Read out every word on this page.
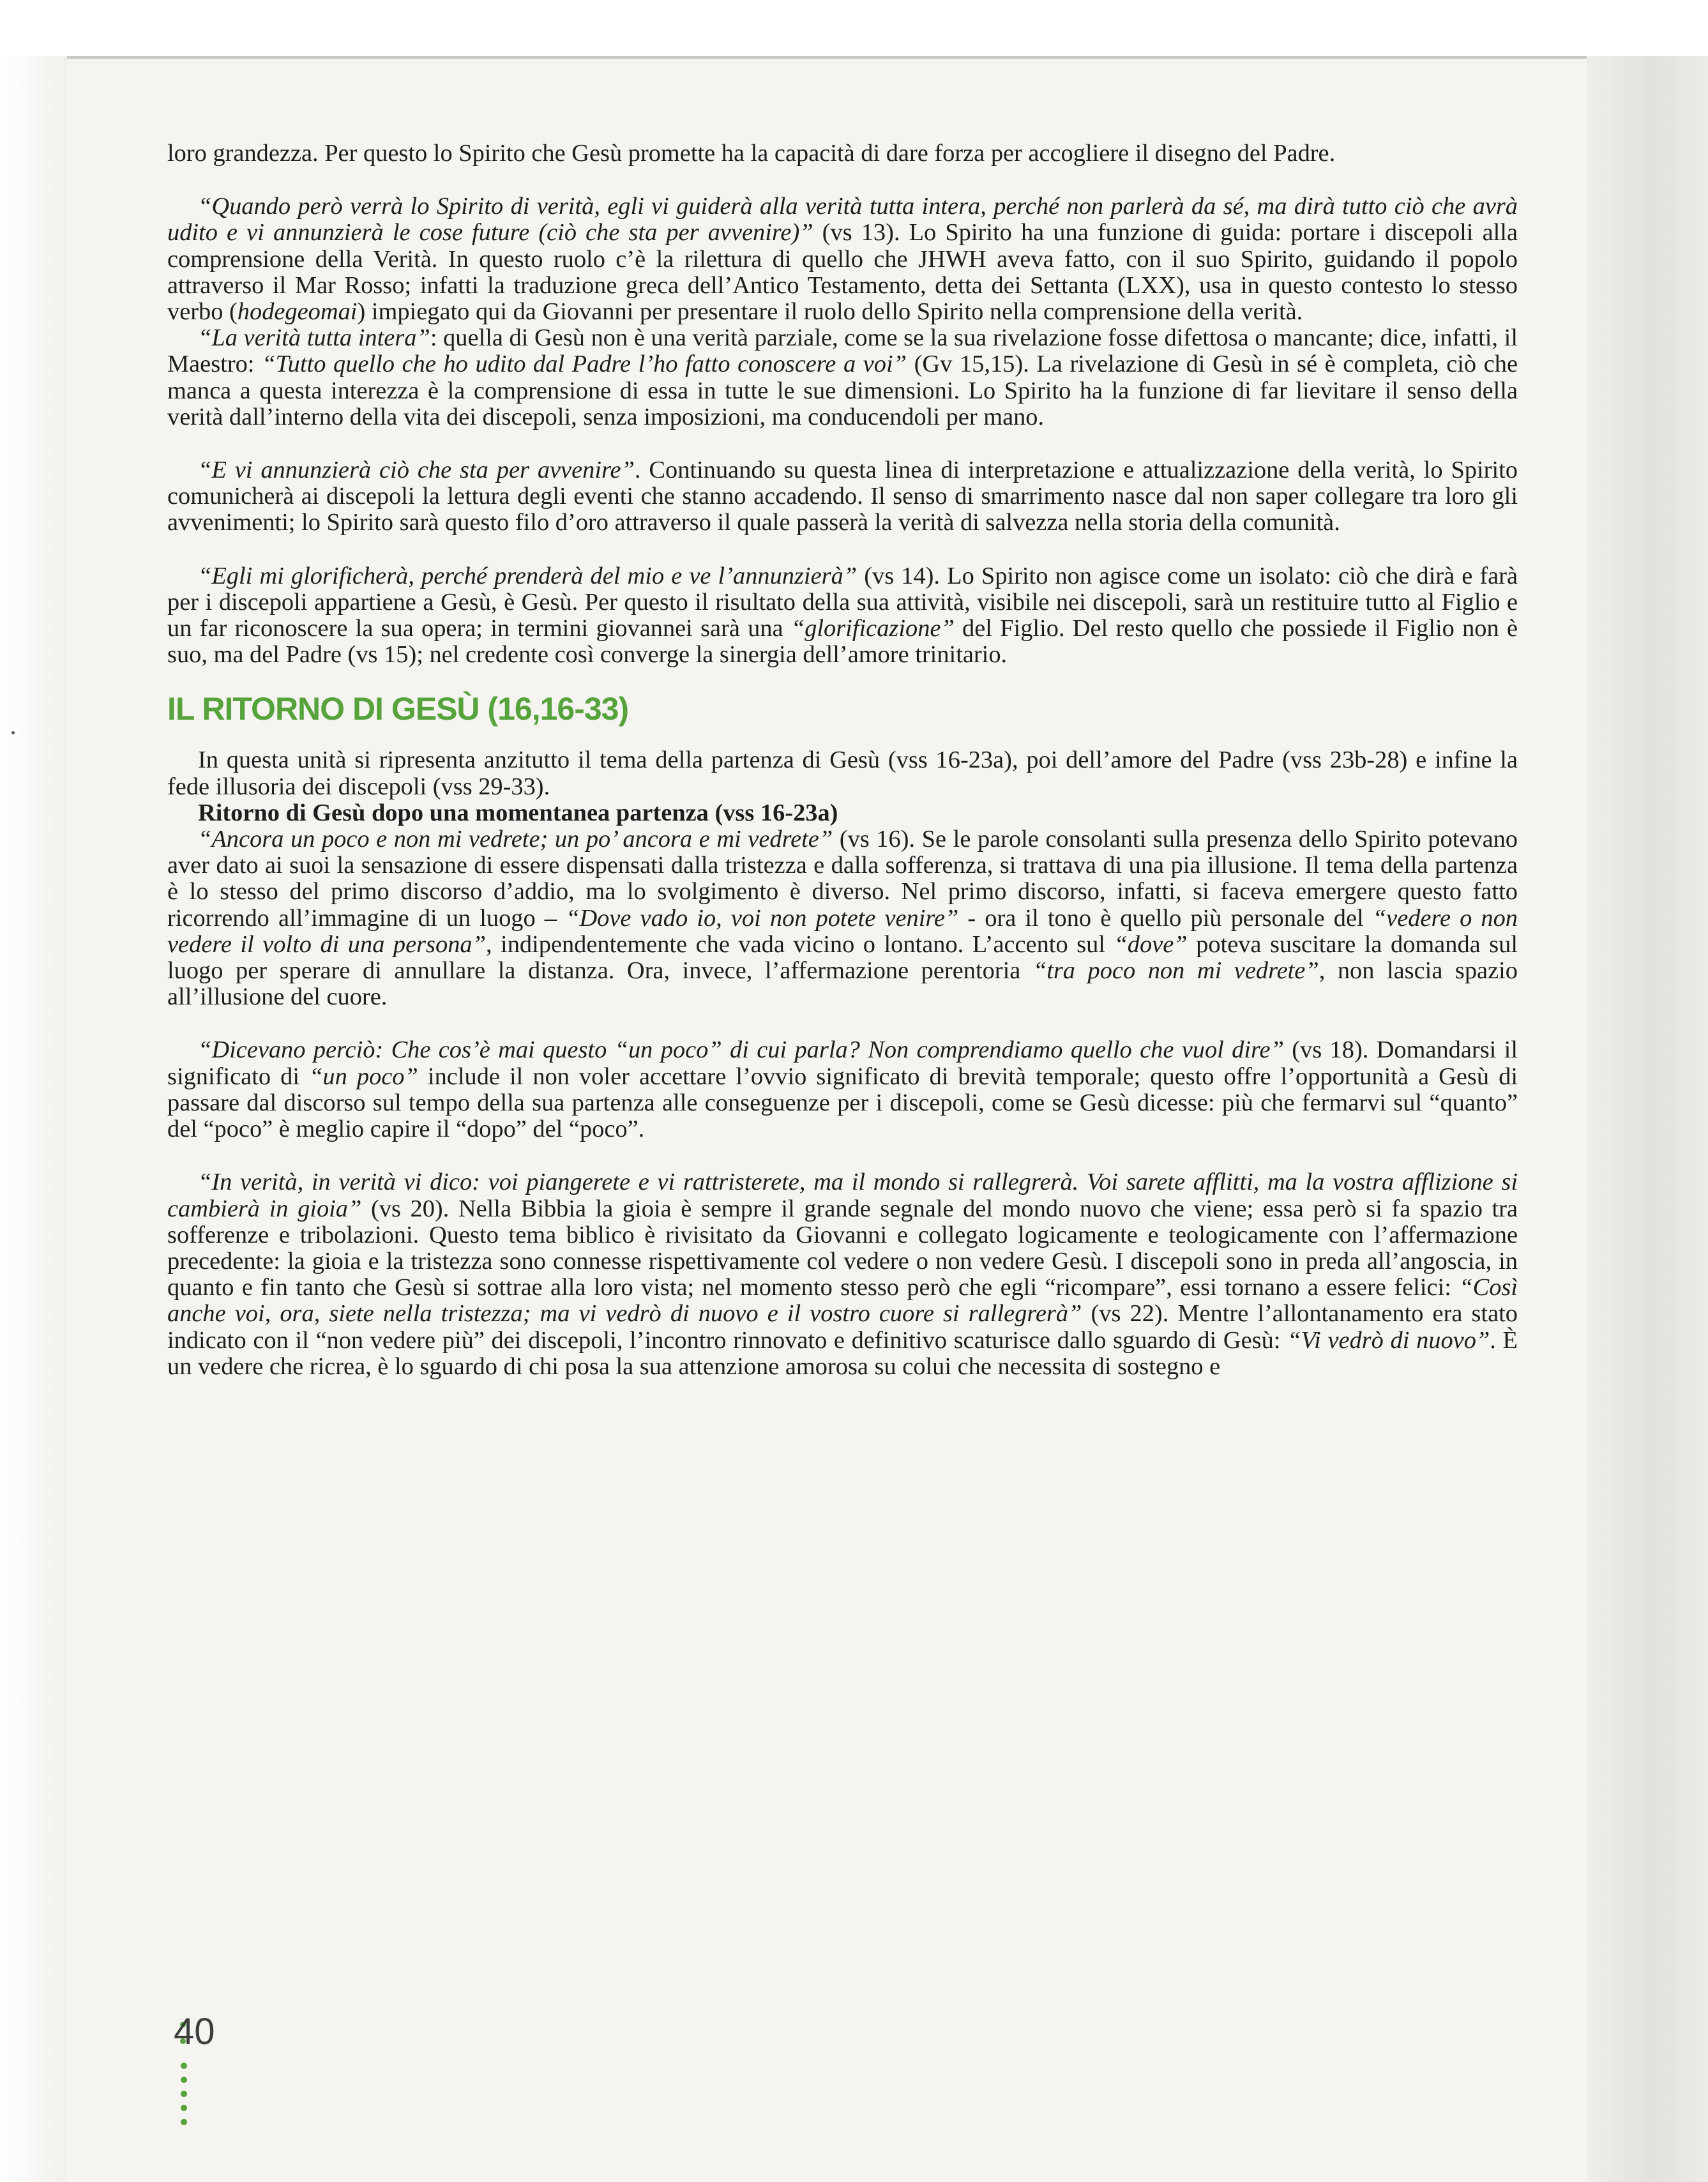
loro grandezza. Per questo lo Spirito che Gesù promette ha la capacità di dare forza per accogliere il disegno del Padre.

“Quando però verrà lo Spirito di verità, egli vi guiderà alla verità tutta intera, perché non parlerà da sé, ma dirà tutto ciò che avrà udito e vi annunzierà le cose future (ciò che sta per avvenire)” (vs 13). Lo Spirito ha una funzione di guida: portare i discepoli alla comprensione della Verità. In questo ruolo c’è la rilettura di quello che JHWH aveva fatto, con il suo Spirito, guidando il popolo attraverso il Mar Rosso; infatti la traduzione greca dell’Antico Testamento, detta dei Settanta (LXX), usa in questo contesto lo stesso verbo (hodegeomai) impiegato qui da Giovanni per presentare il ruolo dello Spirito nella comprensione della verità.

“La verità tutta intera”: quella di Gesù non è una verità parziale, come se la sua rivelazione fosse difettosa o mancante; dice, infatti, il Maestro: “Tutto quello che ho udito dal Padre l’ho fatto conoscere a voi” (Gv 15,15). La rivelazione di Gesù in sé è completa, ciò che manca a questa interezza è la comprensione di essa in tutte le sue dimensioni. Lo Spirito ha la funzione di far lievitare il senso della verità dall’interno della vita dei discepoli, senza imposizioni, ma conducendoli per mano.

“E vi annunzierà ciò che sta per avvenire”. Continuando su questa linea di interpretazione e attualizzazione della verità, lo Spirito comunicherà ai discepoli la lettura degli eventi che stanno accadendo. Il senso di smarrimento nasce dal non saper collegare tra loro gli avvenimenti; lo Spirito sarà questo filo d’oro attraverso il quale passerà la verità di salvezza nella storia della comunità.

“Egli mi glorificherà, perché prenderà del mio e ve l’annunzierà” (vs 14). Lo Spirito non agisce come un isolato: ciò che dirà e farà per i discepoli appartiene a Gesù, è Gesù. Per questo il risultato della sua attività, visibile nei discepoli, sarà un restituire tutto al Figlio e un far riconoscere la sua opera; in termini giovannei sarà una “glorificazione” del Figlio. Del resto quello che possiede il Figlio non è suo, ma del Padre (vs 15); nel credente così converge la sinergia dell’amore trinitario.

IL RITORNO DI GESÙ (16,16-33)

In questa unità si ripresenta anzitutto il tema della partenza di Gesù (vss 16-23a), poi dell’amore del Padre (vss 23b-28) e infine la fede illusoria dei discepoli (vss 29-33).

Ritorno di Gesù dopo una momentanea partenza (vss 16-23a)

“Ancora un poco e non mi vedrete; un po’ ancora e mi vedrete” (vs 16). Se le parole consolanti sulla presenza dello Spirito potevano aver dato ai suoi la sensazione di essere dispensati dalla tristezza e dalla sofferenza, si trattava di una pia illusione. Il tema della partenza è lo stesso del primo discorso d’addio, ma lo svolgimento è diverso. Nel primo discorso, infatti, si faceva emergere questo fatto ricorrendo all’immagine di un luogo – “Dove vado io, voi non potete venire” - ora il tono è quello più personale del “vedere o non vedere il volto di una persona”, indipendentemente che vada vicino o lontano. L’accento sul “dove” poteva suscitare la domanda sul luogo per sperare di annullare la distanza. Ora, invece, l’affermazione perentoria “tra poco non mi vedrete”, non lascia spazio all’illusione del cuore.

“Dicevano perciò: Che cos’è mai questo “un poco” di cui parla? Non comprendiamo quello che vuol dire” (vs 18). Domandarsi il significato di “un poco” include il non voler accettare l’ovvio significato di brevità temporale; questo offre l’opportunità a Gesù di passare dal discorso sul tempo della sua partenza alle conseguenze per i discepoli, come se Gesù dicesse: più che fermarvi sul “quanto” del “poco” è meglio capire il “dopo” del “poco”.

“In verità, in verità vi dico: voi piangerete e vi rattristerete, ma il mondo si rallegrerà. Voi sarete afflitti, ma la vostra afflizione si cambierà in gioia” (vs 20). Nella Bibbia la gioia è sempre il grande segnale del mondo nuovo che viene; essa però si fa spazio tra sofferenze e tribolazioni. Questo tema biblico è rivisitato da Giovanni e collegato logicamente e teologicamente con l’affermazione precedente: la gioia e la tristezza sono connesse rispettivamente col vedere o non vedere Gesù. I discepoli sono in preda all’angoscia, in quanto e fin tanto che Gesù si sottrae alla loro vista; nel momento stesso però che egli “ricompare”, essi tornano a essere felici: “Così anche voi, ora, siete nella tristezza; ma vi vedrò di nuovo e il vostro cuore si rallegrerà” (vs 22). Mentre l’allontanamento era stato indicato con il “non vedere più” dei discepoli, l’incontro rinnovato e definitivo scaturisce dallo sguardo di Gesù: “Vi vedrò di nuovo”. È un vedere che ricrea, è lo sguardo di chi posa la sua attenzione amorosa su colui che necessita di sostegno e

40
